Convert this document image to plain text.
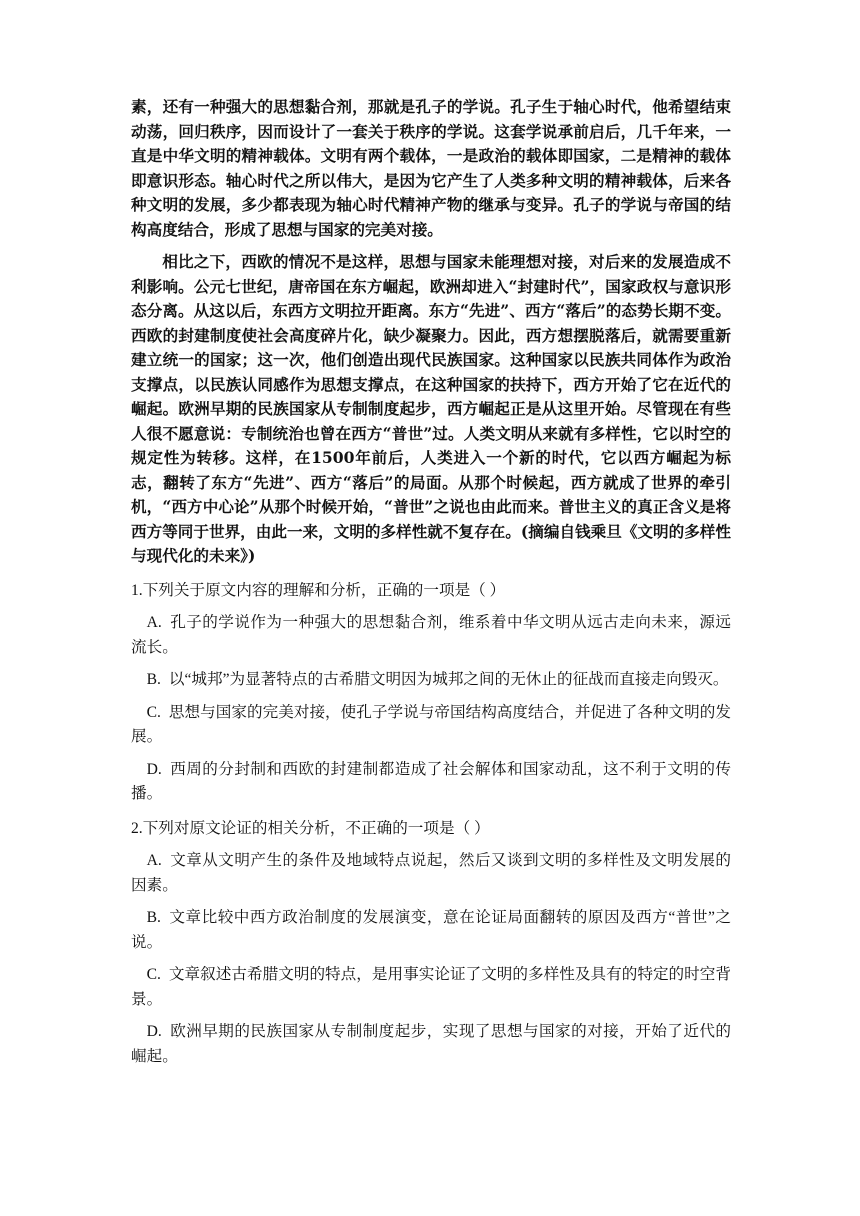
素，还有一种强大的思想黏合剂，那就是孔子的学说。孔子生于轴心时代，他希望结束动荡，回归秩序，因而设计了一套关于秩序的学说。这套学说承前启后，几千年来，一直是中华文明的精神载体。文明有两个载体，一是政治的载体即国家，二是精神的载体即意识形态。轴心时代之所以伟大，是因为它产生了人类多种文明的精神载体，后来各种文明的发展，多少都表现为轴心时代精神产物的继承与变异。孔子的学说与帝国的结构高度结合，形成了思想与国家的完美对接。

相比之下，西欧的情况不是这样，思想与国家未能理想对接，对后来的发展造成不利影响。公元七世纪，唐帝国在东方崛起，欧洲却进入“封建时代”，国家政权与意识形态分离。从这以后，东西方文明拉开距离。东方“先进”、西方“落后”的态势长期不变。西欧的封建制度使社会高度碎片化，缺少凝聚力。因此，西方想摆脱落后，就需要重新建立统一的国家；这一次，他们创造出现代民族国家。这种国家以民族共同体作为政治支撑点，以民族认同感作为思想支撑点，在这种国家的扶持下，西方开始了它在近代的崛起。欧洲早期的民族国家从专制制度起步，西方崛起正是从这里开始。尽管现在有些人很不愿意说：专制统治也曾在西方“普世”过。人类文明从来就有多样性，它以时空的规定性为转移。这样，在1500年前后，人类进入一个新的时代，它以西方崛起为标志，翻转了东方“先进”、西方“落后”的局面。从那个时候起，西方就成了世界的牵引机，“西方中心论”从那个时候开始，“普世”之说也由此而来。普世主义的真正含义是将西方等同于世界，由此一来，文明的多样性就不复存在。(摘编自钱乘旦《文明的多样性与现代化的未来》)

1.下列关于原文内容的理解和分析，正确的一项是（ ）

A. 孔子的学说作为一种强大的思想黏合剂，维系着中华文明从远古走向未来，源远流长。

B. 以“城邦”为显著特点的古希腊文明因为城邦之间的无休止的征战而直接走向毁灭。

C. 思想与国家的完美对接，使孔子学说与帝国结构高度结合，并促进了各种文明的发展。

D. 西周的分封制和西欧的封建制都造成了社会解体和国家动乱，这不利于文明的传播。

2.下列对原文论证的相关分析，不正确的一项是（ ）

A. 文章从文明产生的条件及地域特点说起，然后又谈到文明的多样性及文明发展的因素。

B. 文章比较中西方政治制度的发展演变，意在论证局面翻转的原因及西方“普世”之说。

C. 文章叙述古希腊文明的特点，是用事实论证了文明的多样性及具有的特定的时空背景。

D. 欧洲早期的民族国家从专制制度起步，实现了思想与国家的对接，开始了近代的崛起。
